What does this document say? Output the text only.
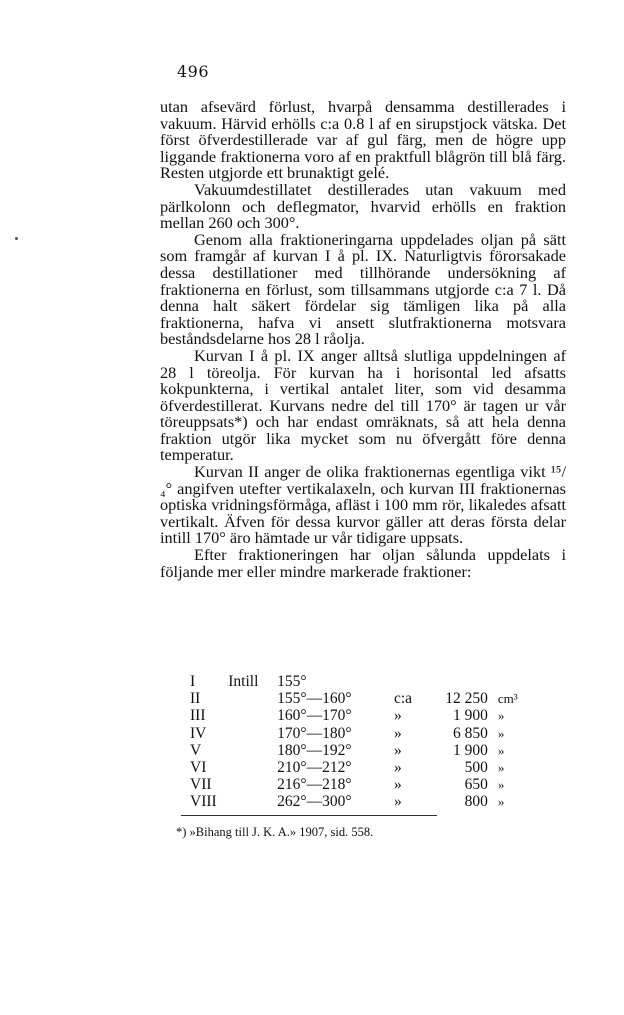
496

utan afsevärd förlust, hvarpå densamma destillerades i vakuum. Härvid erhölls c:a 0.8 l af en sirupstjock vätska. Det först öfverdestillerade var af gul färg, men de högre upp liggande fraktionerna voro af en praktfull blågrön till blå färg. Resten utgjorde ett brunaktigt gelé.

Vakuumdestillatet destillerades utan vakuum med pärlkolonn och deflegmator, hvarvid erhölls en fraktion mellan 260 och 300°.

Genom alla fraktioneringarna uppdelades oljan på sätt som framgår af kurvan I å pl. IX. Naturligtvis förorsakade dessa destillationer med tillhörande undersökning af fraktionerna en förlust, som tillsammans utgjorde c:a 7 l. Då denna halt säkert fördelar sig tämligen lika på alla fraktionerna, hafva vi ansett slutfraktionerna motsvara beståndsdelarne hos 28 l råolja.

Kurvan I å pl. IX anger alltså slutliga uppdelningen af 28 l töreolja. För kurvan ha i horisontal led afsatts kokpunkterna, i vertikal antalet liter, som vid desamma öfverdestillerat. Kurvans nedre del till 170° är tagen ur vår töreuppsats*) och har endast omräknats, så att hela denna fraktion utgör lika mycket som nu öfvergått före denna temperatur.

Kurvan II anger de olika fraktionernas egentliga vikt ¹⁵/₄° angifven utefter vertikalaxeln, och kurvan III fraktionernas optiska vridningsförmåga, afläst i 100 mm rör, likaledes afsatt vertikalt. Äfven för dessa kurvor gäller att deras första delar intill 170° äro hämtade ur vår tidigare uppsats.

Efter fraktioneringen har oljan sålunda uppdelats i följande mer eller mindre markerade fraktioner:

I	Intill	155°			
II		155°—160°	c:a	12 250	cm³
III		160°—170°	»	1 900	»
IV		170°—180°	»	6 850	»
V		180°—192°	»	1 900	»
VI		210°—212°	»	500	»
VII		216°—218°	»	650	»
VIII		262°—300°	»	800	»
*) »Bihang till J. K. A.» 1907, sid. 558.
